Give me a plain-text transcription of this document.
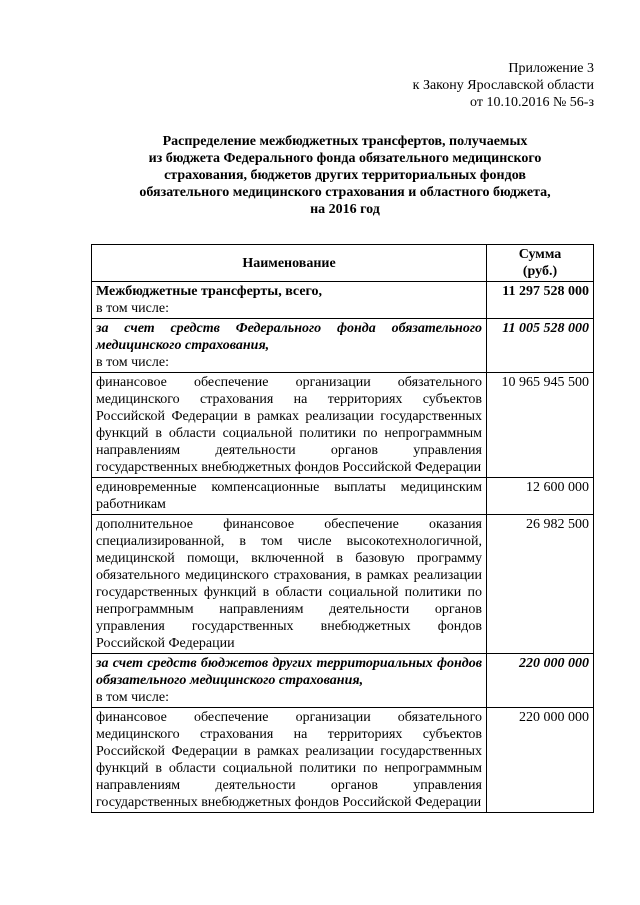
Приложение 3
к Закону Ярославской области
от 10.10.2016 № 56-з
Распределение межбюджетных трансфертов, получаемых
из бюджета Федерального фонда обязательного медицинского
страхования, бюджетов других территориальных фондов
обязательного медицинского страхования и областного бюджета,
на 2016 год
Наименование	Сумма
(руб.)

Межбюджетные трансферты, всего,
в том числе:	11 297 528 000
за счет средств Федерального фонда обязательного медицинского страхования,
в том числе:	11 005 528 000
финансовое обеспечение организации обязательного медицинского страхования на территориях субъектов Российской Федерации в рамках реализации государственных функций в области социальной политики по непрограммным направлениям деятельности органов управления государственных внебюджетных фондов Российской Федерации	10 965 945 500
единовременные компенсационные выплаты медицинским работникам	12 600 000
дополнительное финансовое обеспечение оказания специализированной, в том числе высокотехнологичной, медицинской помощи, включенной в базовую программу обязательного медицинского страхования, в рамках реализации государственных функций в области социальной политики по непрограммным направлениям деятельности органов управления государственных внебюджетных фондов Российской Федерации	26 982 500
за счет средств бюджетов других территориальных фондов обязательного медицинского страхования,
в том числе:	220 000 000
финансовое обеспечение организации обязательного медицинского страхования на территориях субъектов Российской Федерации в рамках реализации государственных функций в области социальной политики по непрограммным направлениям деятельности органов управления государственных внебюджетных фондов Российской Федерации	220 000 000
